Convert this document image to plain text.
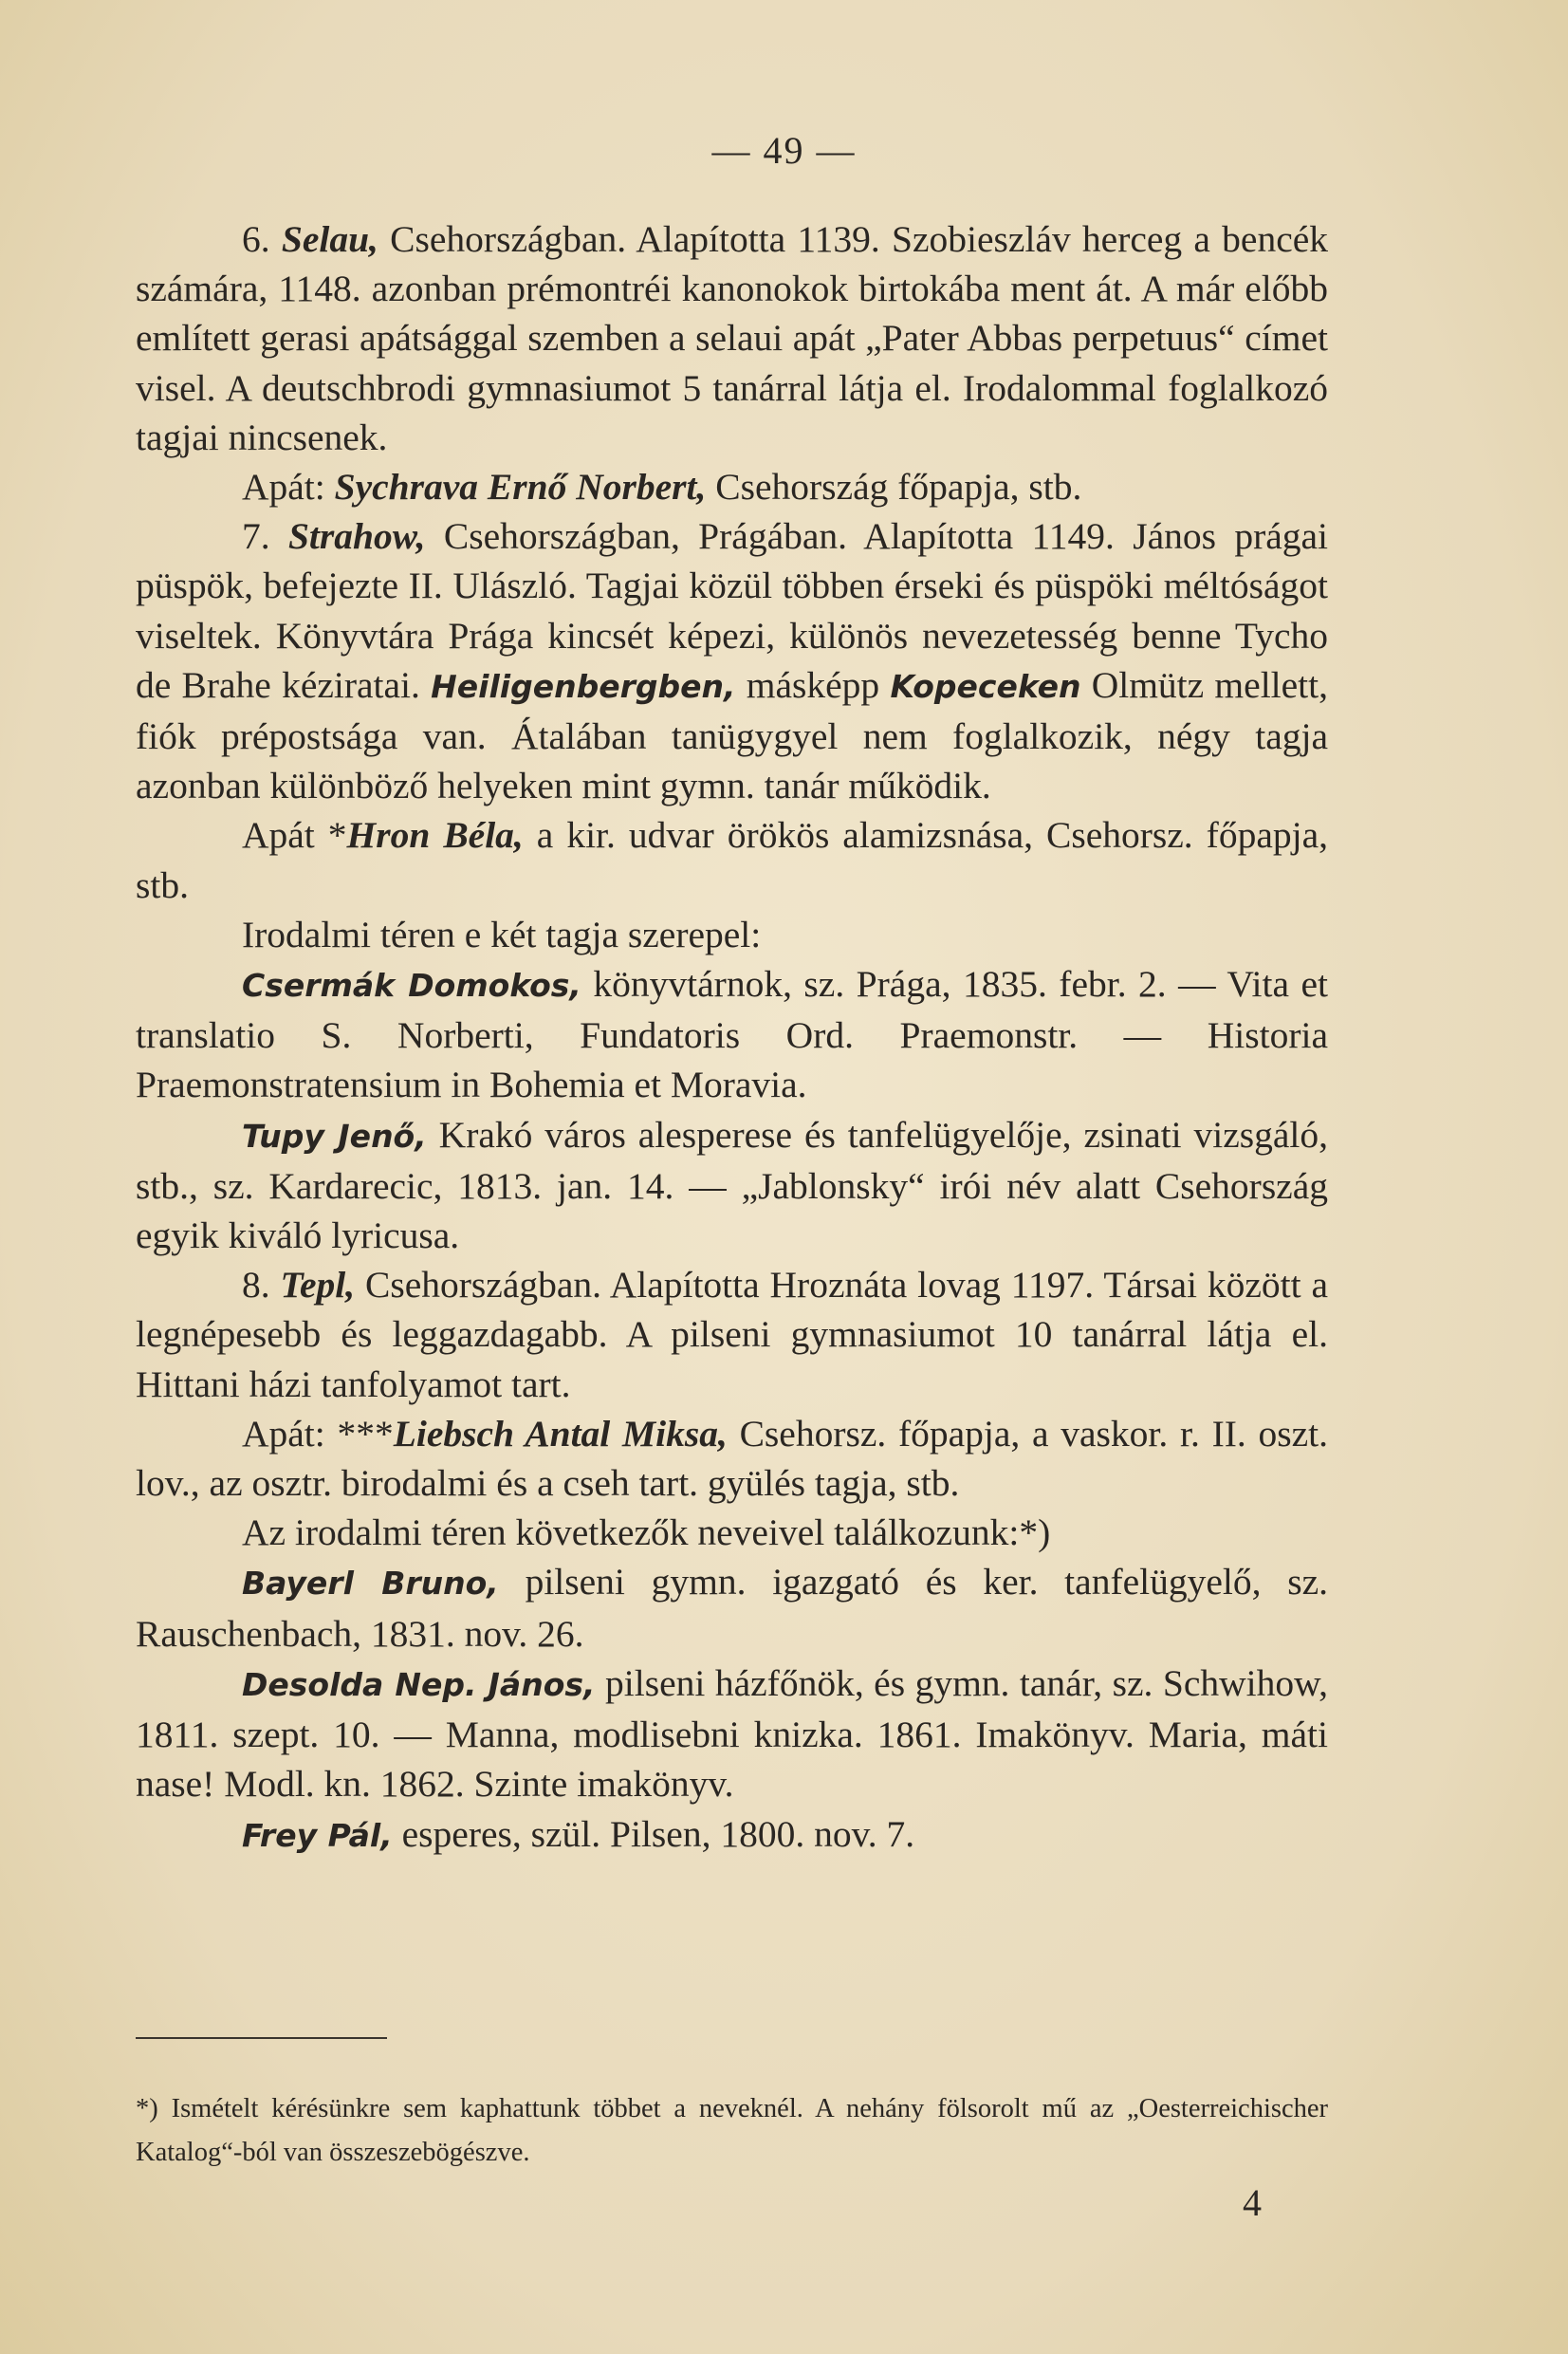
— 49 —

6. Selau, Csehországban. Alapította 1139. Szobieszláv herceg a bencék számára, 1148. azonban prémontréi kanonokok birtokába ment át. A már előbb említett gerasi apátsággal szemben a selaui apát „Pater Abbas perpetuus“ címet visel. A deutschbrodi gymnasiumot 5 tanárral látja el. Irodalommal foglalkozó tagjai nincsenek.

Apát: Sychrava Ernő Norbert, Csehország főpapja, stb.

7. Strahow, Csehországban, Prágában. Alapította 1149. János prágai püspök, befejezte II. Ulászló. Tagjai közül többen érseki és püspöki méltóságot viseltek. Könyvtára Prága kincsét képezi, különös nevezetesség benne Tycho de Brahe kéziratai. Heiligenbergben, másképp Kopeceken Olmütz mellett, fiók prépostsága van. Átalában tanügygyel nem foglalkozik, négy tagja azonban különböző helyeken mint gymn. tanár működik.

Apát *Hron Béla, a kir. udvar örökös alamizsnása, Csehorsz. főpapja, stb.

Irodalmi téren e két tagja szerepel:

Csermák Domokos, könyvtárnok, sz. Prága, 1835. febr. 2. — Vita et translatio S. Norberti, Fundatoris Ord. Praemonstr. — Historia Praemonstratensium in Bohemia et Moravia.

Tupy Jenő, Krakó város alesperese és tanfelügyelője, zsinati vizsgáló, stb., sz. Kardarecic, 1813. jan. 14. — „Jablonsky“ irói név alatt Csehország egyik kiváló lyricusa.

8. Tepl, Csehországban. Alapította Hroznáta lovag 1197. Társai között a legnépesebb és leggazdagabb. A pilseni gymnasiumot 10 tanárral látja el. Hittani házi tanfolyamot tart.

Apát: ***Liebsch Antal Miksa, Csehorsz. főpapja, a vaskor. r. II. oszt. lov., az osztr. birodalmi és a cseh tart. gyülés tagja, stb.

Az irodalmi téren következők neveivel találkozunk:*)

Bayerl Bruno, pilseni gymn. igazgató és ker. tanfelügyelő, sz. Rauschenbach, 1831. nov. 26.

Desolda Nep. János, pilseni házfőnök, és gymn. tanár, sz. Schwihow, 1811. szept. 10. — Manna, modlisebni knizka. 1861. Imakönyv. Maria, máti nase! Modl. kn. 1862. Szinte imakönyv.

Frey Pál, esperes, szül. Pilsen, 1800. nov. 7.

*) Ismételt kérésünkre sem kaphattunk többet a neveknél. A nehány fölsorolt mű az „Oesterreichischer Katalog“-ból van összeszebögészve.

4
